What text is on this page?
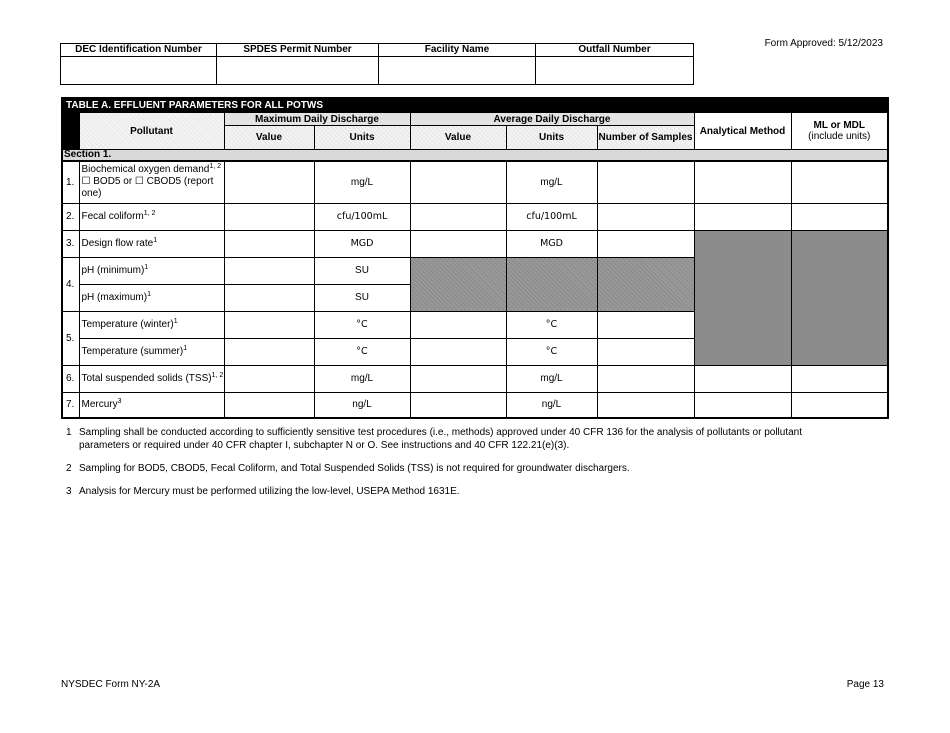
Form Approved: 5/12/2023
DEC Identification Number	SPDES Permit Number	Facility Name	Outfall Number

TABLE A. EFFLUENT PARAMETERS FOR ALL POTWS								
	Pollutant	Maximum Daily Discharge		Average Daily Discharge			Analytical Method	ML or MDL
(include units)

		Value	Units	Value	Units	Number of Samples		
Section 1.								
1.	Biochemical oxygen demand$^{1, 2}$
☐ BOD5 or ☐ CBOD5 (report one)		mg/L		mg/L			
2.	Fecal coliform$^{1, 2}$		cfu/100mL		cfu/100mL			
3.	Design flow rate$^1$		MGD		MGD			
4.	pH (minimum)$^1$		SU					
	pH (maximum)$^1$		SU					
5.	Temperature (winter)$^1$		°C		°C			
	Temperature (summer)$^1$		°C		°C			
6.	Total suspended solids (TSS)$^{1, 2}$		mg/L		mg/L			
7.	Mercury$^3$		ng/L		ng/L			
1 Sampling shall be conducted according to sufficiently sensitive test procedures (i.e., methods) approved under 40 CFR 136 for the analysis of pollutants or pollutant parameters or required under 40 CFR chapter I, subchapter N or O. See instructions and 40 CFR 122.21(e)(3).
2 Sampling for BOD5, CBOD5, Fecal Coliform, and Total Suspended Solids (TSS) is not required for groundwater dischargers.
3 Analysis for Mercury must be performed utilizing the low-level, USEPA Method 1631E.
NYSDEC Form NY-2A	Page 13
